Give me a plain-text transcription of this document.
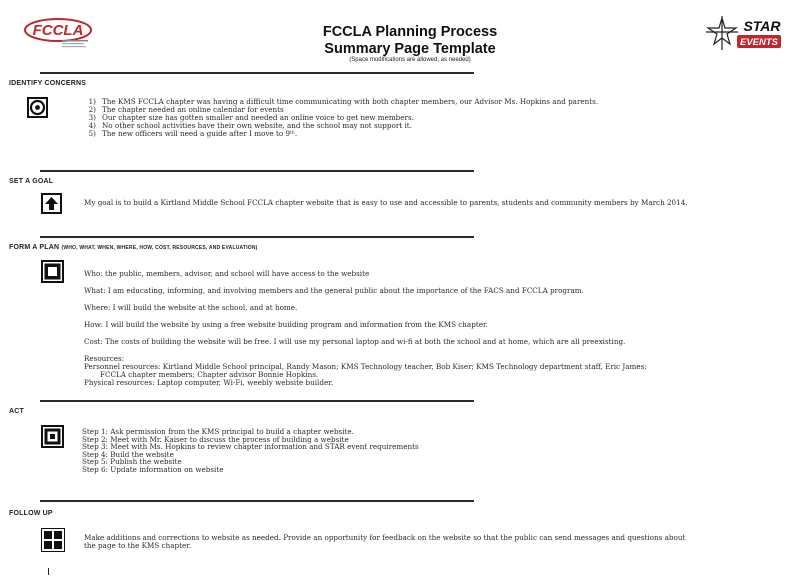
FCCLA	FCCLA Planning Process
Summary Page Template
(Space modifications are allowed, as needed)
STAR
EVENTS
IDENTIFY CONCERNS
1) The KMS FCCLA chapter was having a difficult time communicating with both chapter members, our Advisor Ms. Hopkins and parents.
2) The chapter needed an online calendar for events
3) Our chapter size has gotten smaller and needed an online voice to get new members.
4) No other school activities have their own website, and the school may not support it.
5) The new officers will need a guide after I move to 9ᵗʰ.
SET A GOAL
My goal is to build a Kirtland Middle School FCCLA chapter website that is easy to use and accessible to parents, students and community members by March 2014.
FORM A PLAN (WHO, WHAT, WHEN, WHERE, HOW, COST, RESOURCES, AND EVALUATION)
Who: the public, members, advisor, and school will have access to the website
What: I am educating, informing, and involving members and the general public about the importance of the FACS and FCCLA program.
Where: I will build the website at the school, and at home.
How: I will build the website by using a free website building program and information from the KMS chapter.
Cost: The costs of building the website will be free. I will use my personal laptop and wi-fi at both the school and at home, which are all preexisting.
Resources:
Personnel resources: Kirtland Middle School principal, Randy Mason; KMS Technology teacher, Bob Kiser; KMS Technology department staff, Eric James;
FCCLA chapter members; Chapter advisor Bonnie Hopkins.
Physical resources: Laptop computer, Wi-Fi, weebly website builder.
ACT
Step 1: Ask permission from the KMS principal to build a chapter website.
Step 2: Meet with Mr. Kaiser to discuss the process of building a website
Step 3: Meet with Ms. Hopkins to review chapter information and STAR event requirements
Step 4: Build the website
Step 5: Publish the website
Step 6: Update information on website
FOLLOW UP
Make additions and corrections to website as needed. Provide an opportunity for feedback on the website so that the public can send messages and questions about
the page to the KMS chapter.
